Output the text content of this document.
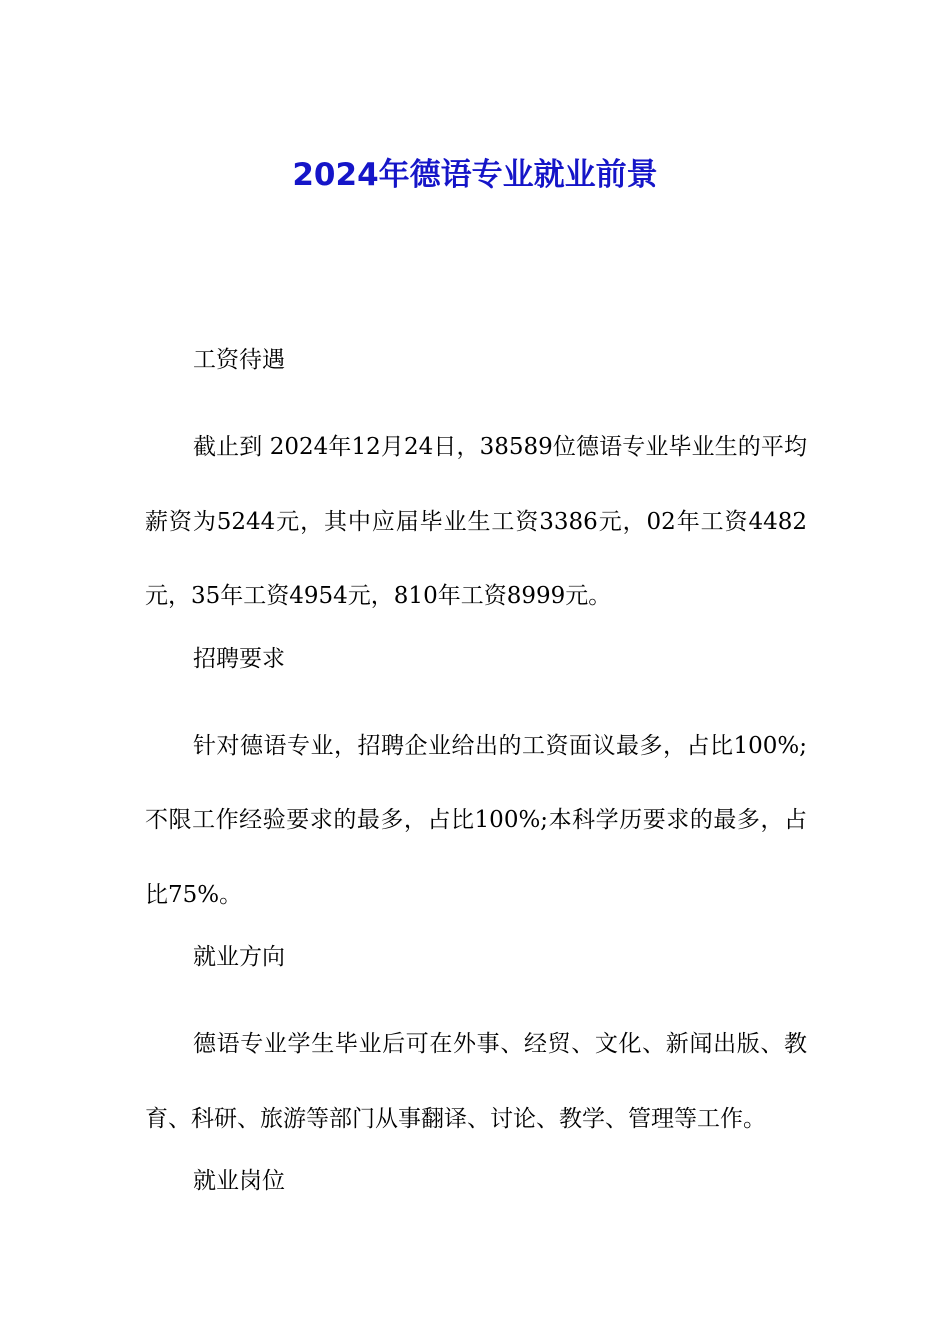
2024年德语专业就业前景

工资待遇

截止到 2024年12月24日，38589位德语专业毕业生的平均薪资为5244元，其中应届毕业生工资3386元，02年工资4482元，35年工资4954元，810年工资8999元。

招聘要求

针对德语专业，招聘企业给出的工资面议最多，占比100%;不限工作经验要求的最多，占比100%;本科学历要求的最多，占比75%。

就业方向

德语专业学生毕业后可在外事、经贸、文化、新闻出版、教育、科研、旅游等部门从事翻译、讨论、教学、管理等工作。

就业岗位
